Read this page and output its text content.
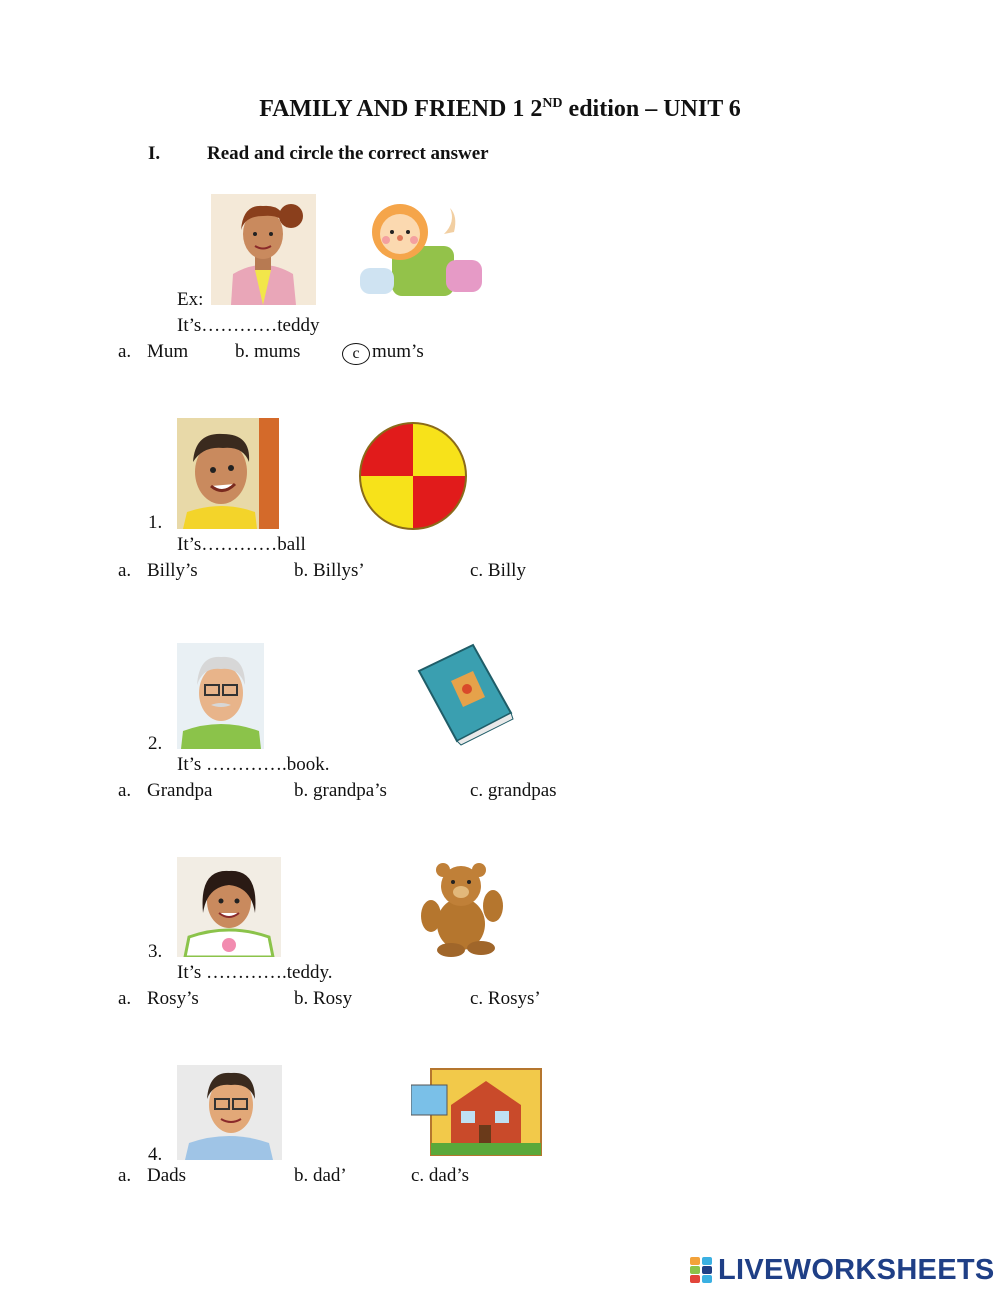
FAMILY AND FRIEND 1 2ND edition – UNIT 6
I. Read and circle the correct answer
Ex:
It’s…………teddy
a. Mum b. mums	c mum’s
1.
It’s…………ball
a. Billy’s	b. Billys’	c. Billy
2.
It’s ………….book.
a. Grandpa	b. grandpa’s	c. grandpas
3.
It’s ………….teddy.
a. Rosy’s	b. Rosy	c. Rosys’
4.
a. Dads	b. dad’	c. dad’s
LIVEWORKSHEETS
